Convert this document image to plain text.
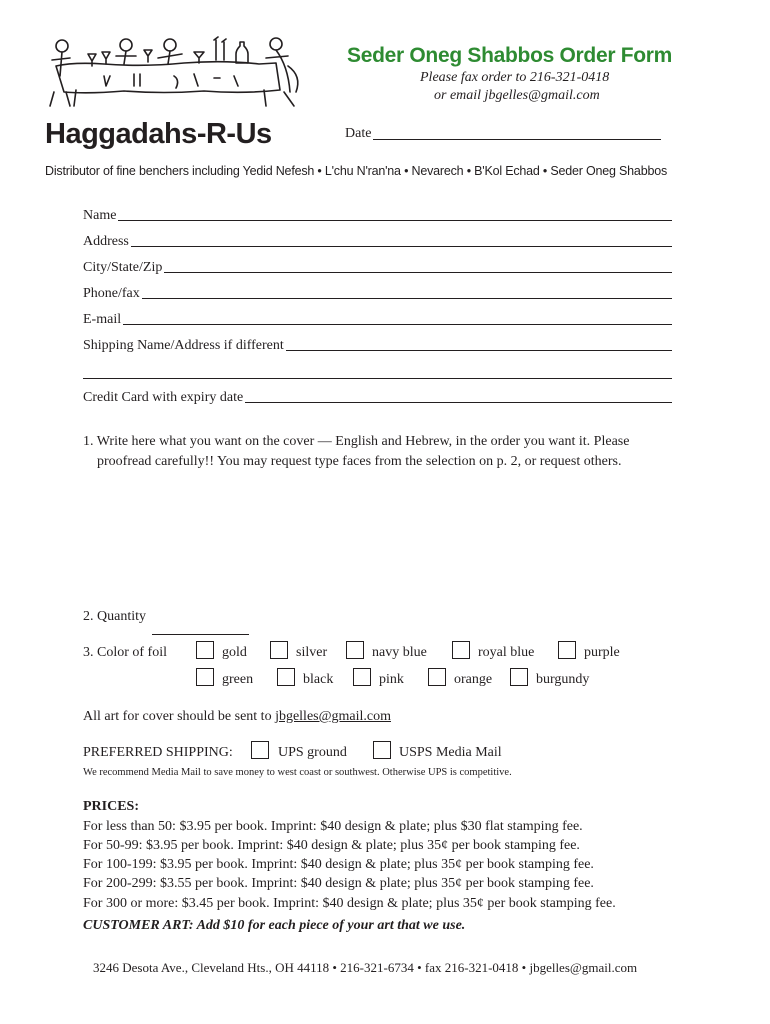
Seder Oneg Shabbos Order Form
Please fax order to 216-321-0418
or email jbgelles@gmail.com
Haggadahs-R-Us	Date
Distributor of fine benchers including Yedid Nefesh • L'chu N'ran'na • Nevarech • B'Kol Echad • Seder Oneg Shabbos
Name
Address
City/State/Zip
Phone/fax
E-mail
Shipping Name/Address if different
Credit Card with expiry date
1. Write here what you want on the cover — English and Hebrew, in the order you want it. Please
proofread carefully!! You may request type faces from the selection on p. 2, or request others.
2. Quantity
3. Color of foil	gold	silver	navy blue	royal blue	purple
green	black	pink	orange	burgundy
All art for cover should be sent to jbgelles@gmail.com
PREFERRED SHIPPING:	UPS ground	USPS Media Mail
We recommend Media Mail to save money to west coast or southwest. Otherwise UPS is competitive.
PRICES:
For less than 50: $3.95 per book. Imprint: $40 design & plate; plus $30 flat stamping fee.
For 50-99: $3.95 per book. Imprint: $40 design & plate; plus 35¢ per book stamping fee.
For 100-199: $3.95 per book. Imprint: $40 design & plate; plus 35¢ per book stamping fee.
For 200-299: $3.55 per book. Imprint: $40 design & plate; plus 35¢ per book stamping fee.
For 300 or more: $3.45 per book. Imprint: $40 design & plate; plus 35¢ per book stamping fee.
CUSTOMER ART: Add $10 for each piece of your art that we use.
3246 Desota Ave., Cleveland Hts., OH 44118 • 216-321-6734 • fax 216-321-0418 • jbgelles@gmail.com
